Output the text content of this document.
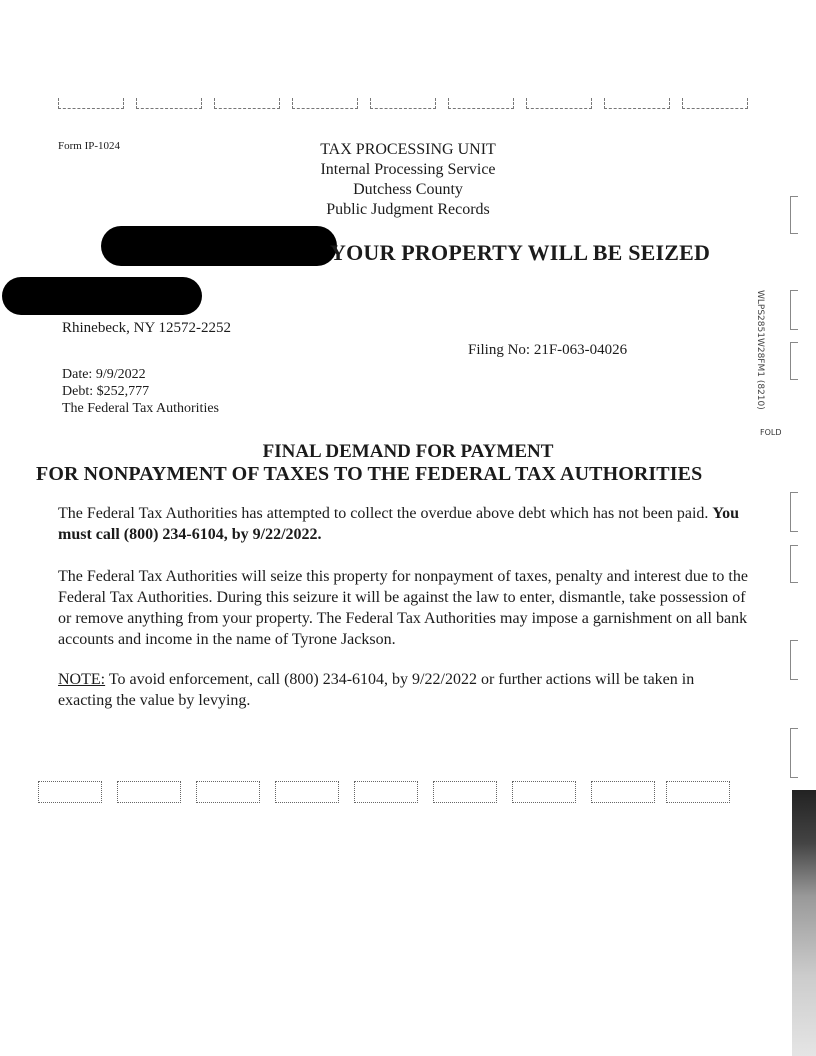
Form IP-1024	TAX PROCESSING UNIT
Internal Processing Service
Dutchess County
Public Judgment Records
YOUR PROPERTY WILL BE SEIZED
Rhinebeck, NY 12572-2252
Filing No: 21F-063-04026
Date: 9/9/2022
Debt: $252,777
The Federal Tax Authorities
FINAL DEMAND FOR PAYMENT
FOR NONPAYMENT OF TAXES TO THE FEDERAL TAX AUTHORITIES
The Federal Tax Authorities has attempted to collect the overdue above debt which has not been paid. You must call (800) 234-6104, by 9/22/2022.
The Federal Tax Authorities will seize this property for nonpayment of taxes, penalty and interest due to the Federal Tax Authorities. During this seizure it will be against the law to enter, dismantle, take possession of or remove anything from your property. The Federal Tax Authorities may impose a garnishment on all bank accounts and income in the name of Tyrone Jackson.
NOTE: To avoid enforcement, call (800) 234-6104, by 9/22/2022 or further actions will be taken in exacting the value by levying.
WLPS2851W28FM1 (8210)
FOLD
